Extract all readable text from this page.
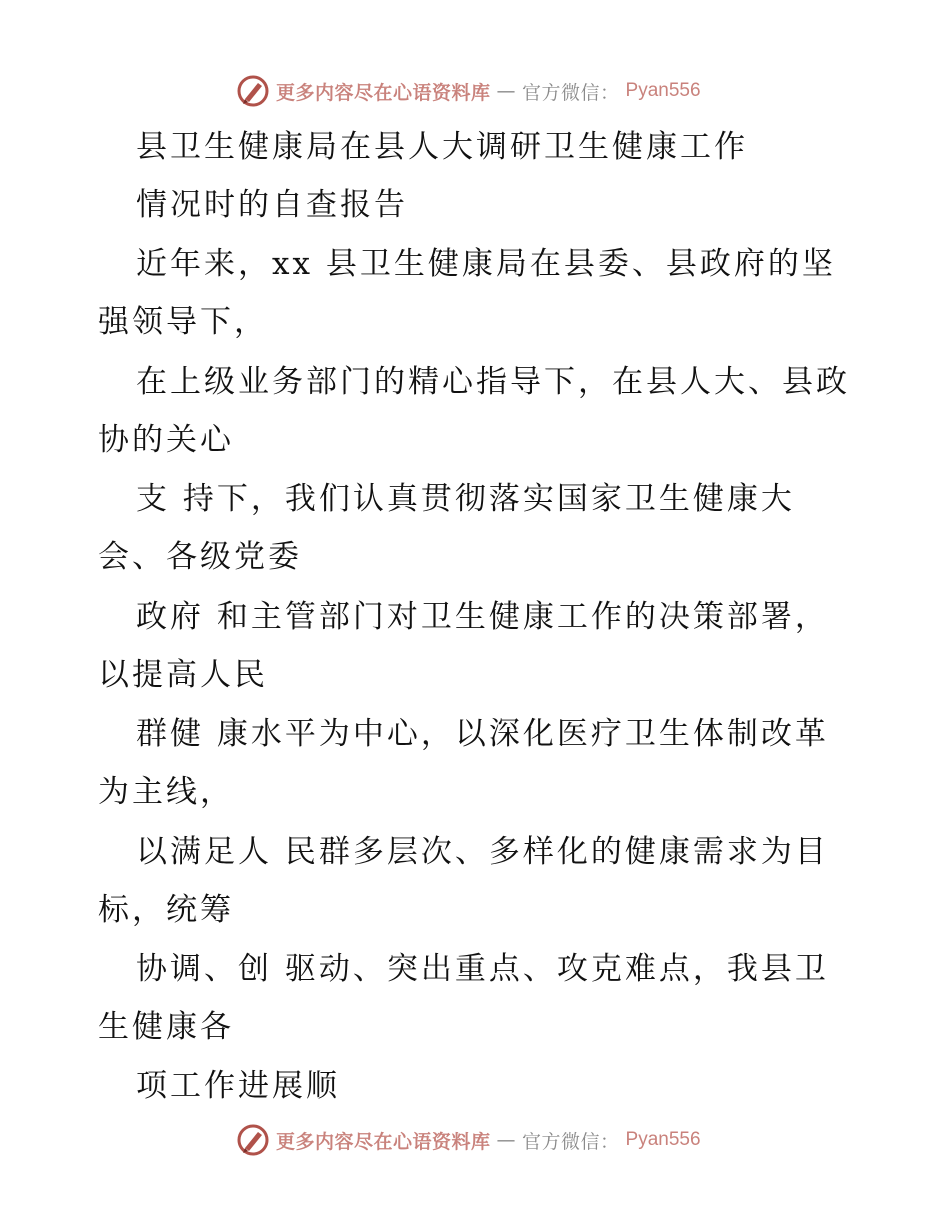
更多内容尽在心语资料库 — 官方微信： Pyan556
县卫生健康局在县人大调研卫生健康工作
情况时的自查报告
近年来，xx 县卫生健康局在县委、县政府的坚
强领导下，
在上级业务部门的精心指导下，在县人大、县政
协的关心
支 持下，我们认真贯彻落实国家卫生健康大
会、各级党委
政府 和主管部门对卫生健康工作的决策部署，
以提高人民
群健 康水平为中心，以深化医疗卫生体制改革
为主线，
以满足人 民群多层次、多样化的健康需求为目
标，统筹
协调、创 驱动、突出重点、攻克难点，我县卫
生健康各
项工作进展顺
更多内容尽在心语资料库 — 官方微信： Pyan556
